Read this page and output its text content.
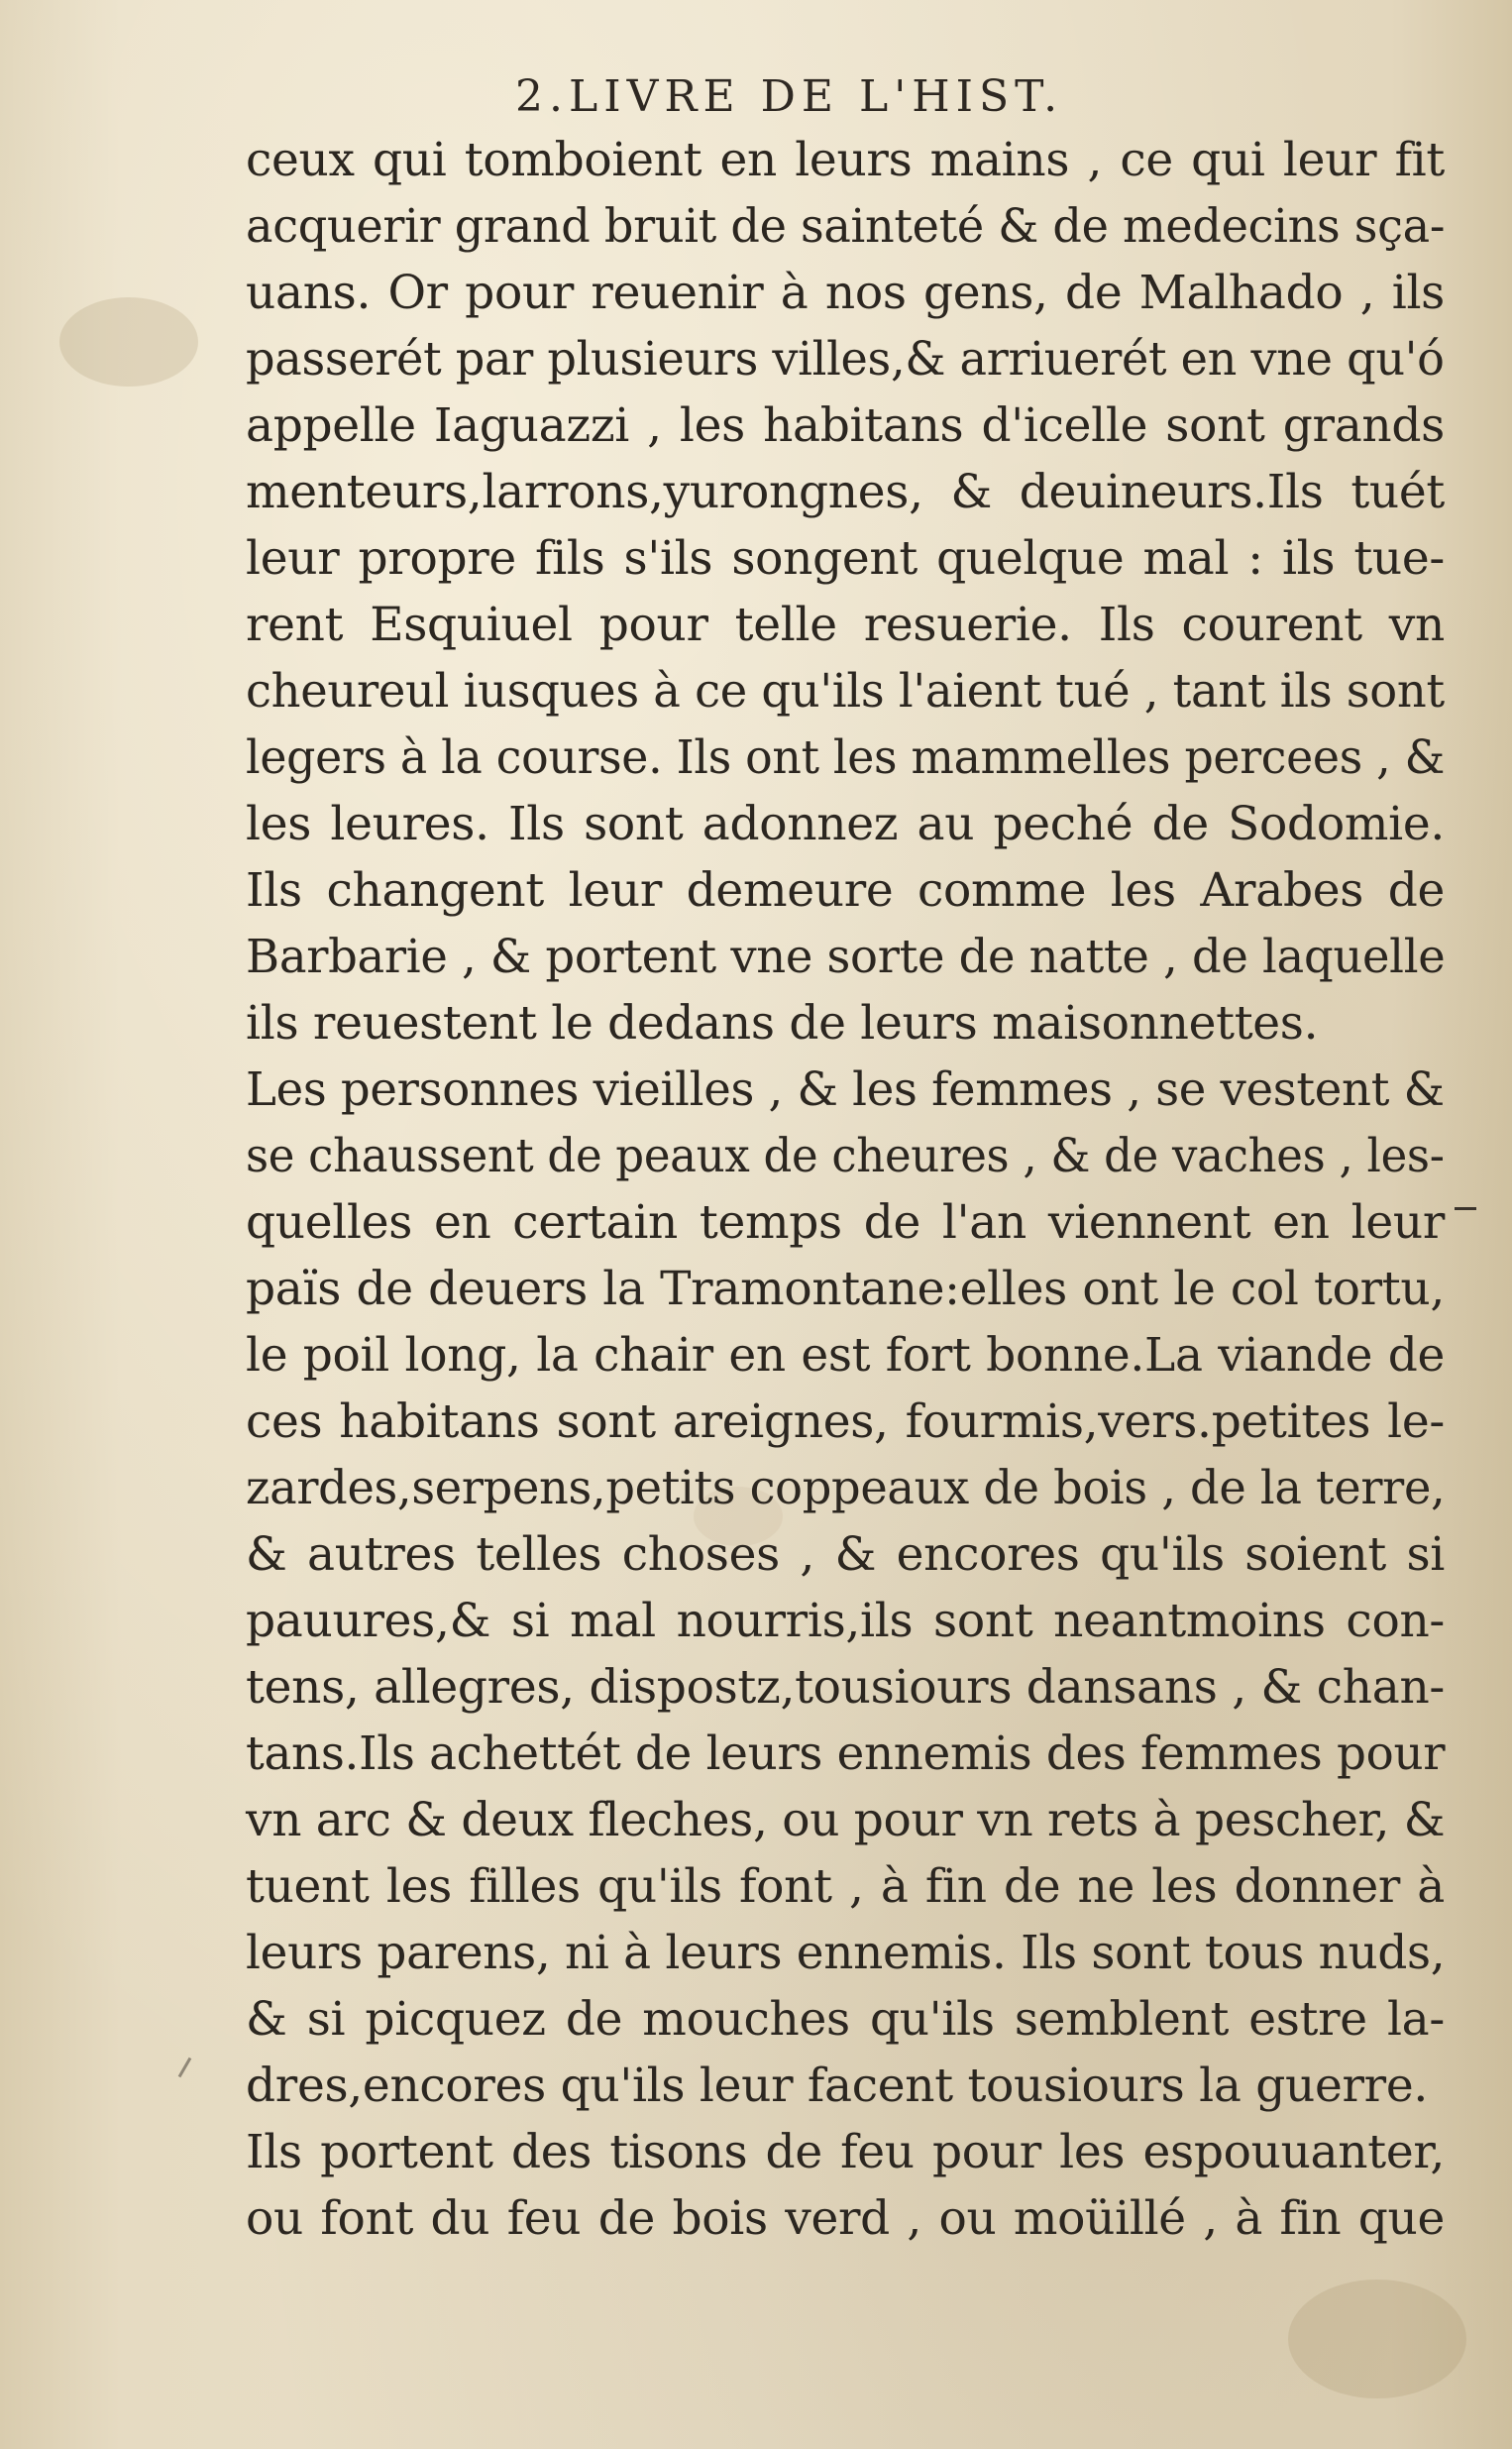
2.LIVRE DE L'HIST.
ceux qui tomboient en leurs mains , ce qui leur fit
acquerir grand bruit de sainteté & de medecins sça-
uans. Or pour reuenir à nos gens, de Malhado , ils
passerét par plusieurs villes,& arriuerét en vne qu'ó
appelle Iaguazzi , les habitans d'icelle sont grands
menteurs,larrons,yurongnes, & deuineurs.Ils tuét
leur propre fils s'ils songent quelque mal : ils tue-
rent Esquiuel pour telle resuerie. Ils courent vn
cheureul iusques à ce qu'ils l'aient tué , tant ils sont
legers à la course. Ils ont les mammelles percees , &
les leures. Ils sont adonnez au peché de Sodomie.
Ils changent leur demeure comme les Arabes de
Barbarie , & portent vne sorte de natte , de laquelle
ils reuestent le dedans de leurs maisonnettes.
Les personnes vieilles , & les femmes , se vestent &
se chaussent de peaux de cheures , & de vaches , les-
quelles en certain temps de l'an viennent en leur
païs de deuers la Tramontane:elles ont le col tortu,
le poil long, la chair en est fort bonne.La viande de
ces habitans sont areignes, fourmis,vers.petites le-
zardes,serpens,petits coppeaux de bois , de la terre,
& autres telles choses , & encores qu'ils soient si
pauures,& si mal nourris,ils sont neantmoins con-
tens, allegres, dispostz,tousiours dansans , & chan-
tans.Ils achettét de leurs ennemis des femmes pour
vn arc & deux fleches, ou pour vn rets à pescher, &
tuent les filles qu'ils font , à fin de ne les donner à
leurs parens, ni à leurs ennemis. Ils sont tous nuds,
& si picquez de mouches qu'ils semblent estre la-
dres,encores qu'ils leur facent tousiours la guerre.
Ils portent des tisons de feu pour les espouuanter,
ou font du feu de bois verd , ou moüillé , à fin que
